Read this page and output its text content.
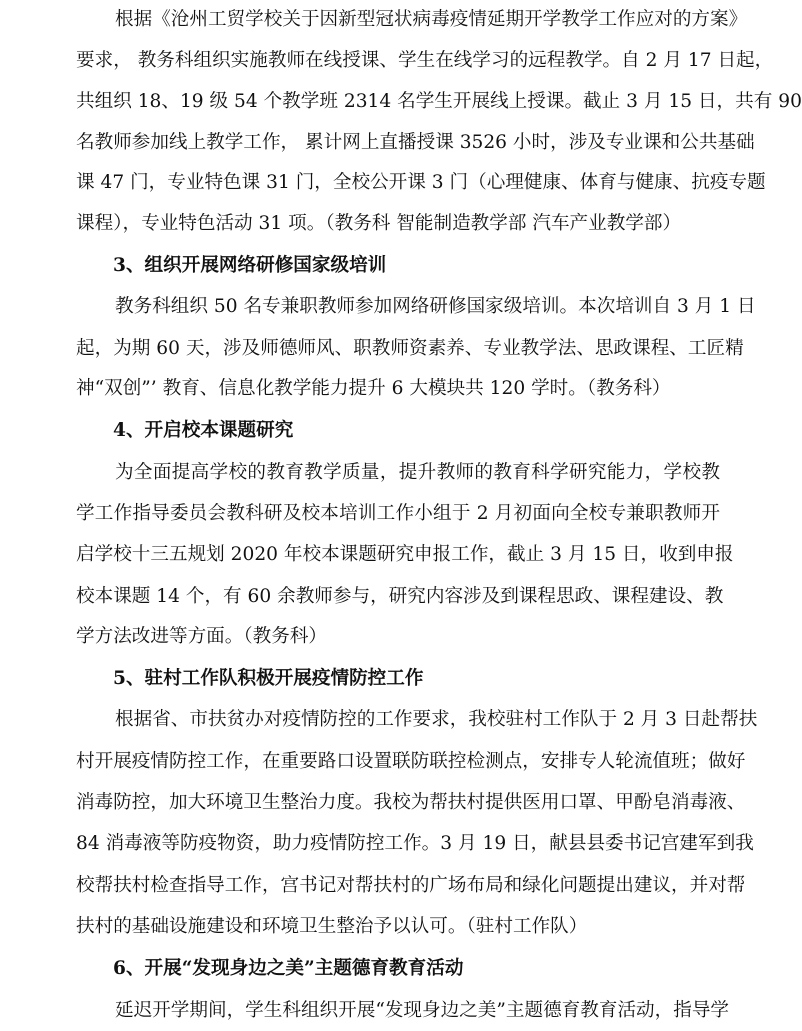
根据《沧州工贸学校关于因新型冠状病毒疫情延期开学教学工作应对的方案》
要求， 教务科组织实施教师在线授课、学生在线学习的远程教学。自 2 月 17 日起，
共组织 18、19 级 54 个教学班 2314 名学生开展线上授课。截止 3 月 15 日，共有 90
名教师参加线上教学工作， 累计网上直播授课 3526 小时，涉及专业课和公共基础
课 47 门，专业特色课 31 门，全校公开课 3 门（心理健康、体育与健康、抗疫专题
课程），专业特色活动 31 项。（教务科 智能制造教学部 汽车产业教学部）
3、组织开展网络研修国家级培训
教务科组织 50 名专兼职教师参加网络研修国家级培训。本次培训自 3 月 1 日
起，为期 60 天，涉及师德师风、职教师资素养、专业教学法、思政课程、工匠精
神“双创”’ 教育、信息化教学能力提升 6 大模块共 120 学时。（教务科）
4、开启校本课题研究
为全面提高学校的教育教学质量，提升教师的教育科学研究能力，学校教
学工作指导委员会教科研及校本培训工作小组于 2 月初面向全校专兼职教师开
启学校十三五规划 2020 年校本课题研究申报工作，截止 3 月 15 日，收到申报
校本课题 14 个，有 60 余教师参与，研究内容涉及到课程思政、课程建设、教
学方法改进等方面。（教务科）
5、驻村工作队积极开展疫情防控工作
根据省、市扶贫办对疫情防控的工作要求，我校驻村工作队于 2 月 3 日赴帮扶
村开展疫情防控工作，在重要路口设置联防联控检测点，安排专人轮流值班；做好
消毒防控，加大环境卫生整治力度。我校为帮扶村提供医用口罩、甲酚皂消毒液、
84 消毒液等防疫物资，助力疫情防控工作。3 月 19 日，献县县委书记宫建军到我
校帮扶村检查指导工作，宫书记对帮扶村的广场布局和绿化问题提出建议，并对帮
扶村的基础设施建设和环境卫生整治予以认可。（驻村工作队）
6、开展“发现身边之美”主题德育教育活动
延迟开学期间，学生科组织开展“发现身边之美”主题德育教育活动，指导学
